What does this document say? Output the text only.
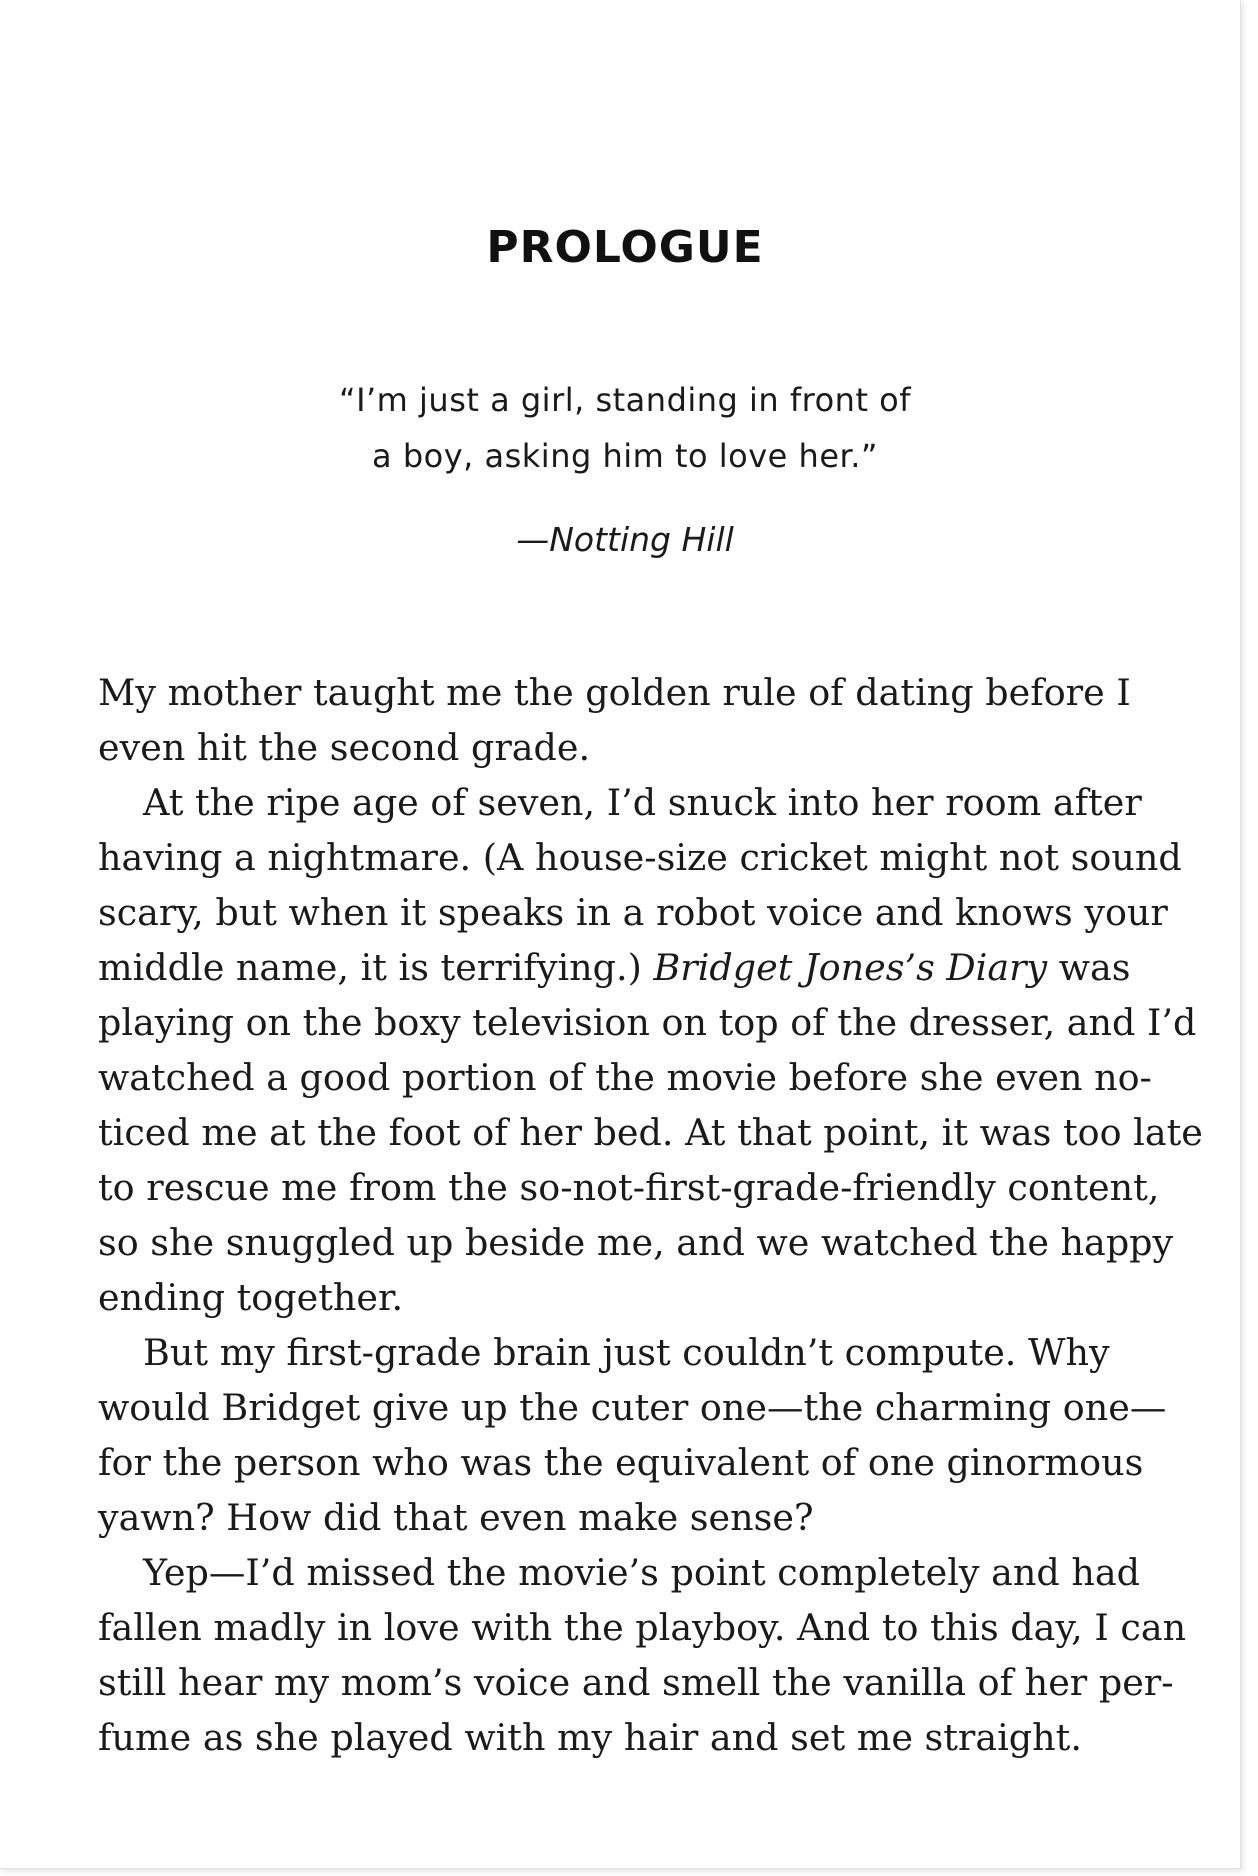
PROLOGUE
“I’m just a girl, standing in front of
a boy, asking him to love her.”
—Notting Hill
My mother taught me the golden rule of dating before I
even hit the second grade.
At the ripe age of seven, I’d snuck into her room after
having a nightmare. (A house-size cricket might not sound
scary, but when it speaks in a robot voice and knows your
middle name, it is terrifying.) Bridget Jones’s Diary was
playing on the boxy television on top of the dresser, and I’d
watched a good portion of the movie before she even no-
ticed me at the foot of her bed. At that point, it was too late
to rescue me from the so-not-first-grade-friendly content,
so she snuggled up beside me, and we watched the happy
ending together.
But my first-grade brain just couldn’t compute. Why
would Bridget give up the cuter one—the charming one—
for the person who was the equivalent of one ginormous
yawn? How did that even make sense?
Yep—I’d missed the movie’s point completely and had
fallen madly in love with the playboy. And to this day, I can
still hear my mom’s voice and smell the vanilla of her per-
fume as she played with my hair and set me straight.
